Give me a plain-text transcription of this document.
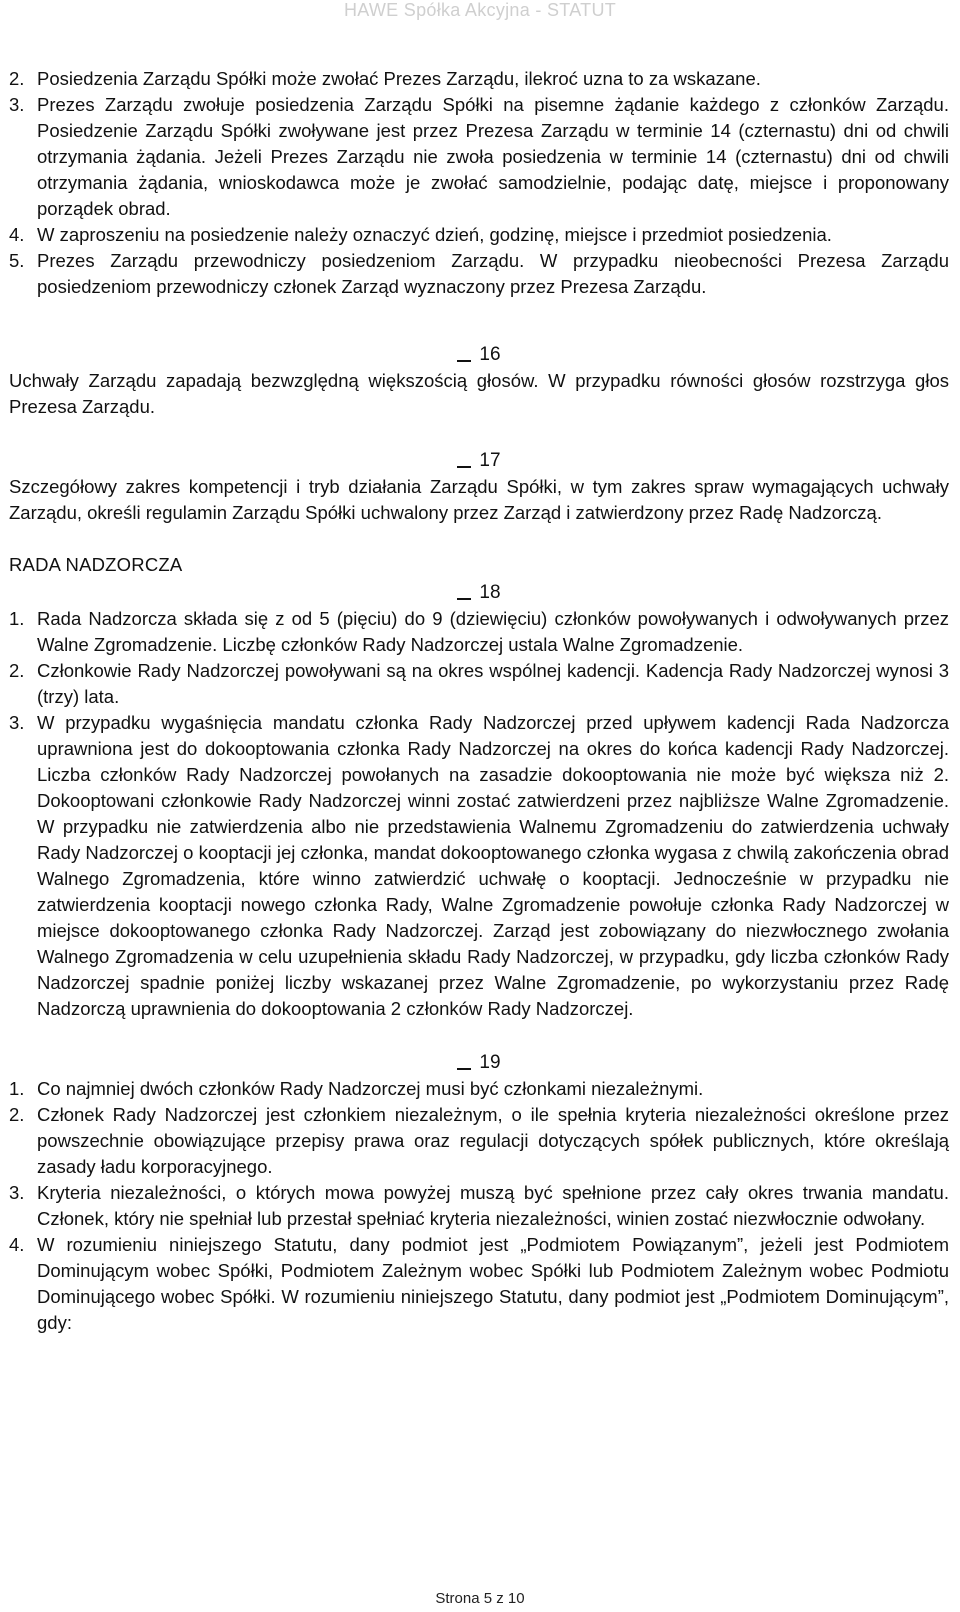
HAWE Spółka Akcyjna - STATUT
2. Posiedzenia Zarządu Spółki może zwołać Prezes Zarządu, ilekroć uzna to za wskazane.
3. Prezes Zarządu zwołuje posiedzenia Zarządu Spółki na pisemne żądanie każdego z członków Zarządu. Posiedzenie Zarządu Spółki zwoływane jest przez Prezesa Zarządu w terminie 14 (czternastu) dni od chwili otrzymania żądania. Jeżeli Prezes Zarządu nie zwoła posiedzenia w terminie 14 (czternastu) dni od chwili otrzymania żądania, wnioskodawca może je zwołać samodzielnie, podając datę, miejsce i proponowany porządek obrad.
4. W zaproszeniu na posiedzenie należy oznaczyć dzień, godzinę, miejsce i przedmiot posiedzenia.
5. Prezes Zarządu przewodniczy posiedzeniom Zarządu. W przypadku nieobecności Prezesa Zarządu posiedzeniom przewodniczy członek Zarząd wyznaczony przez Prezesa Zarządu.
16
Uchwały Zarządu zapadają bezwzględną większością głosów. W przypadku równości głosów rozstrzyga głos Prezesa Zarządu.
17
Szczegółowy zakres kompetencji i tryb działania Zarządu Spółki, w tym zakres spraw wymagających uchwały Zarządu, określi regulamin Zarządu Spółki uchwalony przez Zarząd i zatwierdzony przez Radę Nadzorczą.
RADA NADZORCZA
18
1. Rada Nadzorcza składa się z od 5 (pięciu) do 9 (dziewięciu) członków powoływanych i odwoływanych przez Walne Zgromadzenie. Liczbę członków Rady Nadzorczej ustala Walne Zgromadzenie.
2. Członkowie Rady Nadzorczej powoływani są na okres wspólnej kadencji. Kadencja Rady Nadzorczej wynosi 3 (trzy) lata.
3. W przypadku wygaśnięcia mandatu członka Rady Nadzorczej przed upływem kadencji Rada Nadzorcza uprawniona jest do dokooptowania członka Rady Nadzorczej na okres do końca kadencji Rady Nadzorczej. Liczba członków Rady Nadzorczej powołanych na zasadzie dokooptowania nie może być większa niż 2. Dokooptowani członkowie Rady Nadzorczej winni zostać zatwierdzeni przez najbliższe Walne Zgromadzenie. W przypadku nie zatwierdzenia albo nie przedstawienia Walnemu Zgromadzeniu do zatwierdzenia uchwały Rady Nadzorczej o kooptacji jej członka, mandat dokooptowanego członka wygasa z chwilą zakończenia obrad Walnego Zgromadzenia, które winno zatwierdzić uchwałę o kooptacji. Jednocześnie w przypadku nie zatwierdzenia kooptacji nowego członka Rady, Walne Zgromadzenie powołuje członka Rady Nadzorczej w miejsce dokooptowanego członka Rady Nadzorczej. Zarząd jest zobowiązany do niezwłocznego zwołania Walnego Zgromadzenia w celu uzupełnienia składu Rady Nadzorczej, w przypadku, gdy liczba członków Rady Nadzorczej spadnie poniżej liczby wskazanej przez Walne Zgromadzenie, po wykorzystaniu przez Radę Nadzorczą uprawnienia do dokooptowania 2 członków Rady Nadzorczej.
19
1. Co najmniej dwóch członków Rady Nadzorczej musi być członkami niezależnymi.
2. Członek Rady Nadzorczej jest członkiem niezależnym, o ile spełnia kryteria niezależności określone przez powszechnie obowiązujące przepisy prawa oraz regulacji dotyczących spółek publicznych, które określają zasady ładu korporacyjnego.
3. Kryteria niezależności, o których mowa powyżej muszą być spełnione przez cały okres trwania mandatu. Członek, który nie spełniał lub przestał spełniać kryteria niezależności, winien zostać niezwłocznie odwołany.
4. W rozumieniu niniejszego Statutu, dany podmiot jest „Podmiotem Powiązanym”, jeżeli jest Podmiotem Dominującym wobec Spółki, Podmiotem Zależnym wobec Spółki lub Podmiotem Zależnym wobec Podmiotu Dominującego wobec Spółki. W rozumieniu niniejszego Statutu, dany podmiot jest „Podmiotem Dominującym”, gdy:
Strona 5 z 10
